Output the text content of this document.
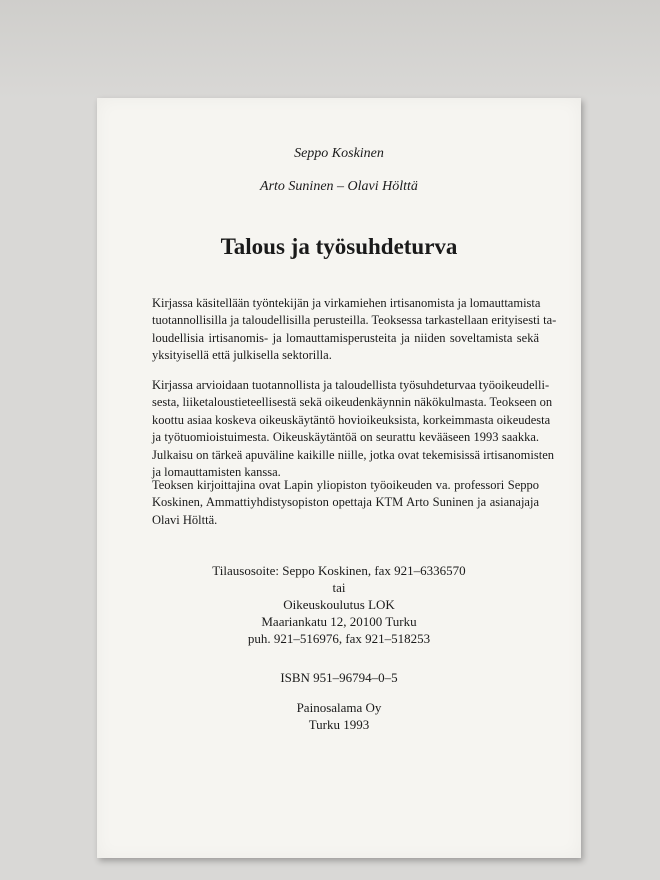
Seppo Koskinen
Arto Suninen – Olavi Hölttä
Talous ja työsuhdeturva
Kirjassa käsitellään työntekijän ja virkamiehen irtisanomista ja lomauttamista
tuotannollisilla ja taloudellisilla perusteilla. Teoksessa tarkastellaan erityisesti ta-
loudellisia irtisanomis- ja lomauttamisperusteita ja niiden soveltamista sekä
yksityisellä että julkisella sektorilla.
Kirjassa arvioidaan tuotannollista ja taloudellista työsuhdeturvaa työoikeudelli-
sesta, liiketaloustieteellisestä sekä oikeudenkäynnin näkökulmasta. Teokseen on
koottu asiaa koskeva oikeuskäytäntö hovioikeuksista, korkeimmasta oikeudesta
ja työtuomioistuimesta. Oikeuskäytäntöä on seurattu kevääseen 1993 saakka.
Julkaisu on tärkeä apuväline kaikille niille, jotka ovat tekemisissä irtisanomisten
ja lomauttamisten kanssa.
Teoksen kirjoittajina ovat Lapin yliopiston työoikeuden va. professori Seppo
Koskinen, Ammattiyhdistysopiston opettaja KTM Arto Suninen ja asianajaja
Olavi Hölttä.
Tilausosoite: Seppo Koskinen, fax 921–6336570
tai
Oikeuskoulutus LOK
Maariankatu 12, 20100 Turku
puh. 921–516976, fax 921–518253
ISBN 951–96794–0–5
Painosalama Oy
Turku 1993
